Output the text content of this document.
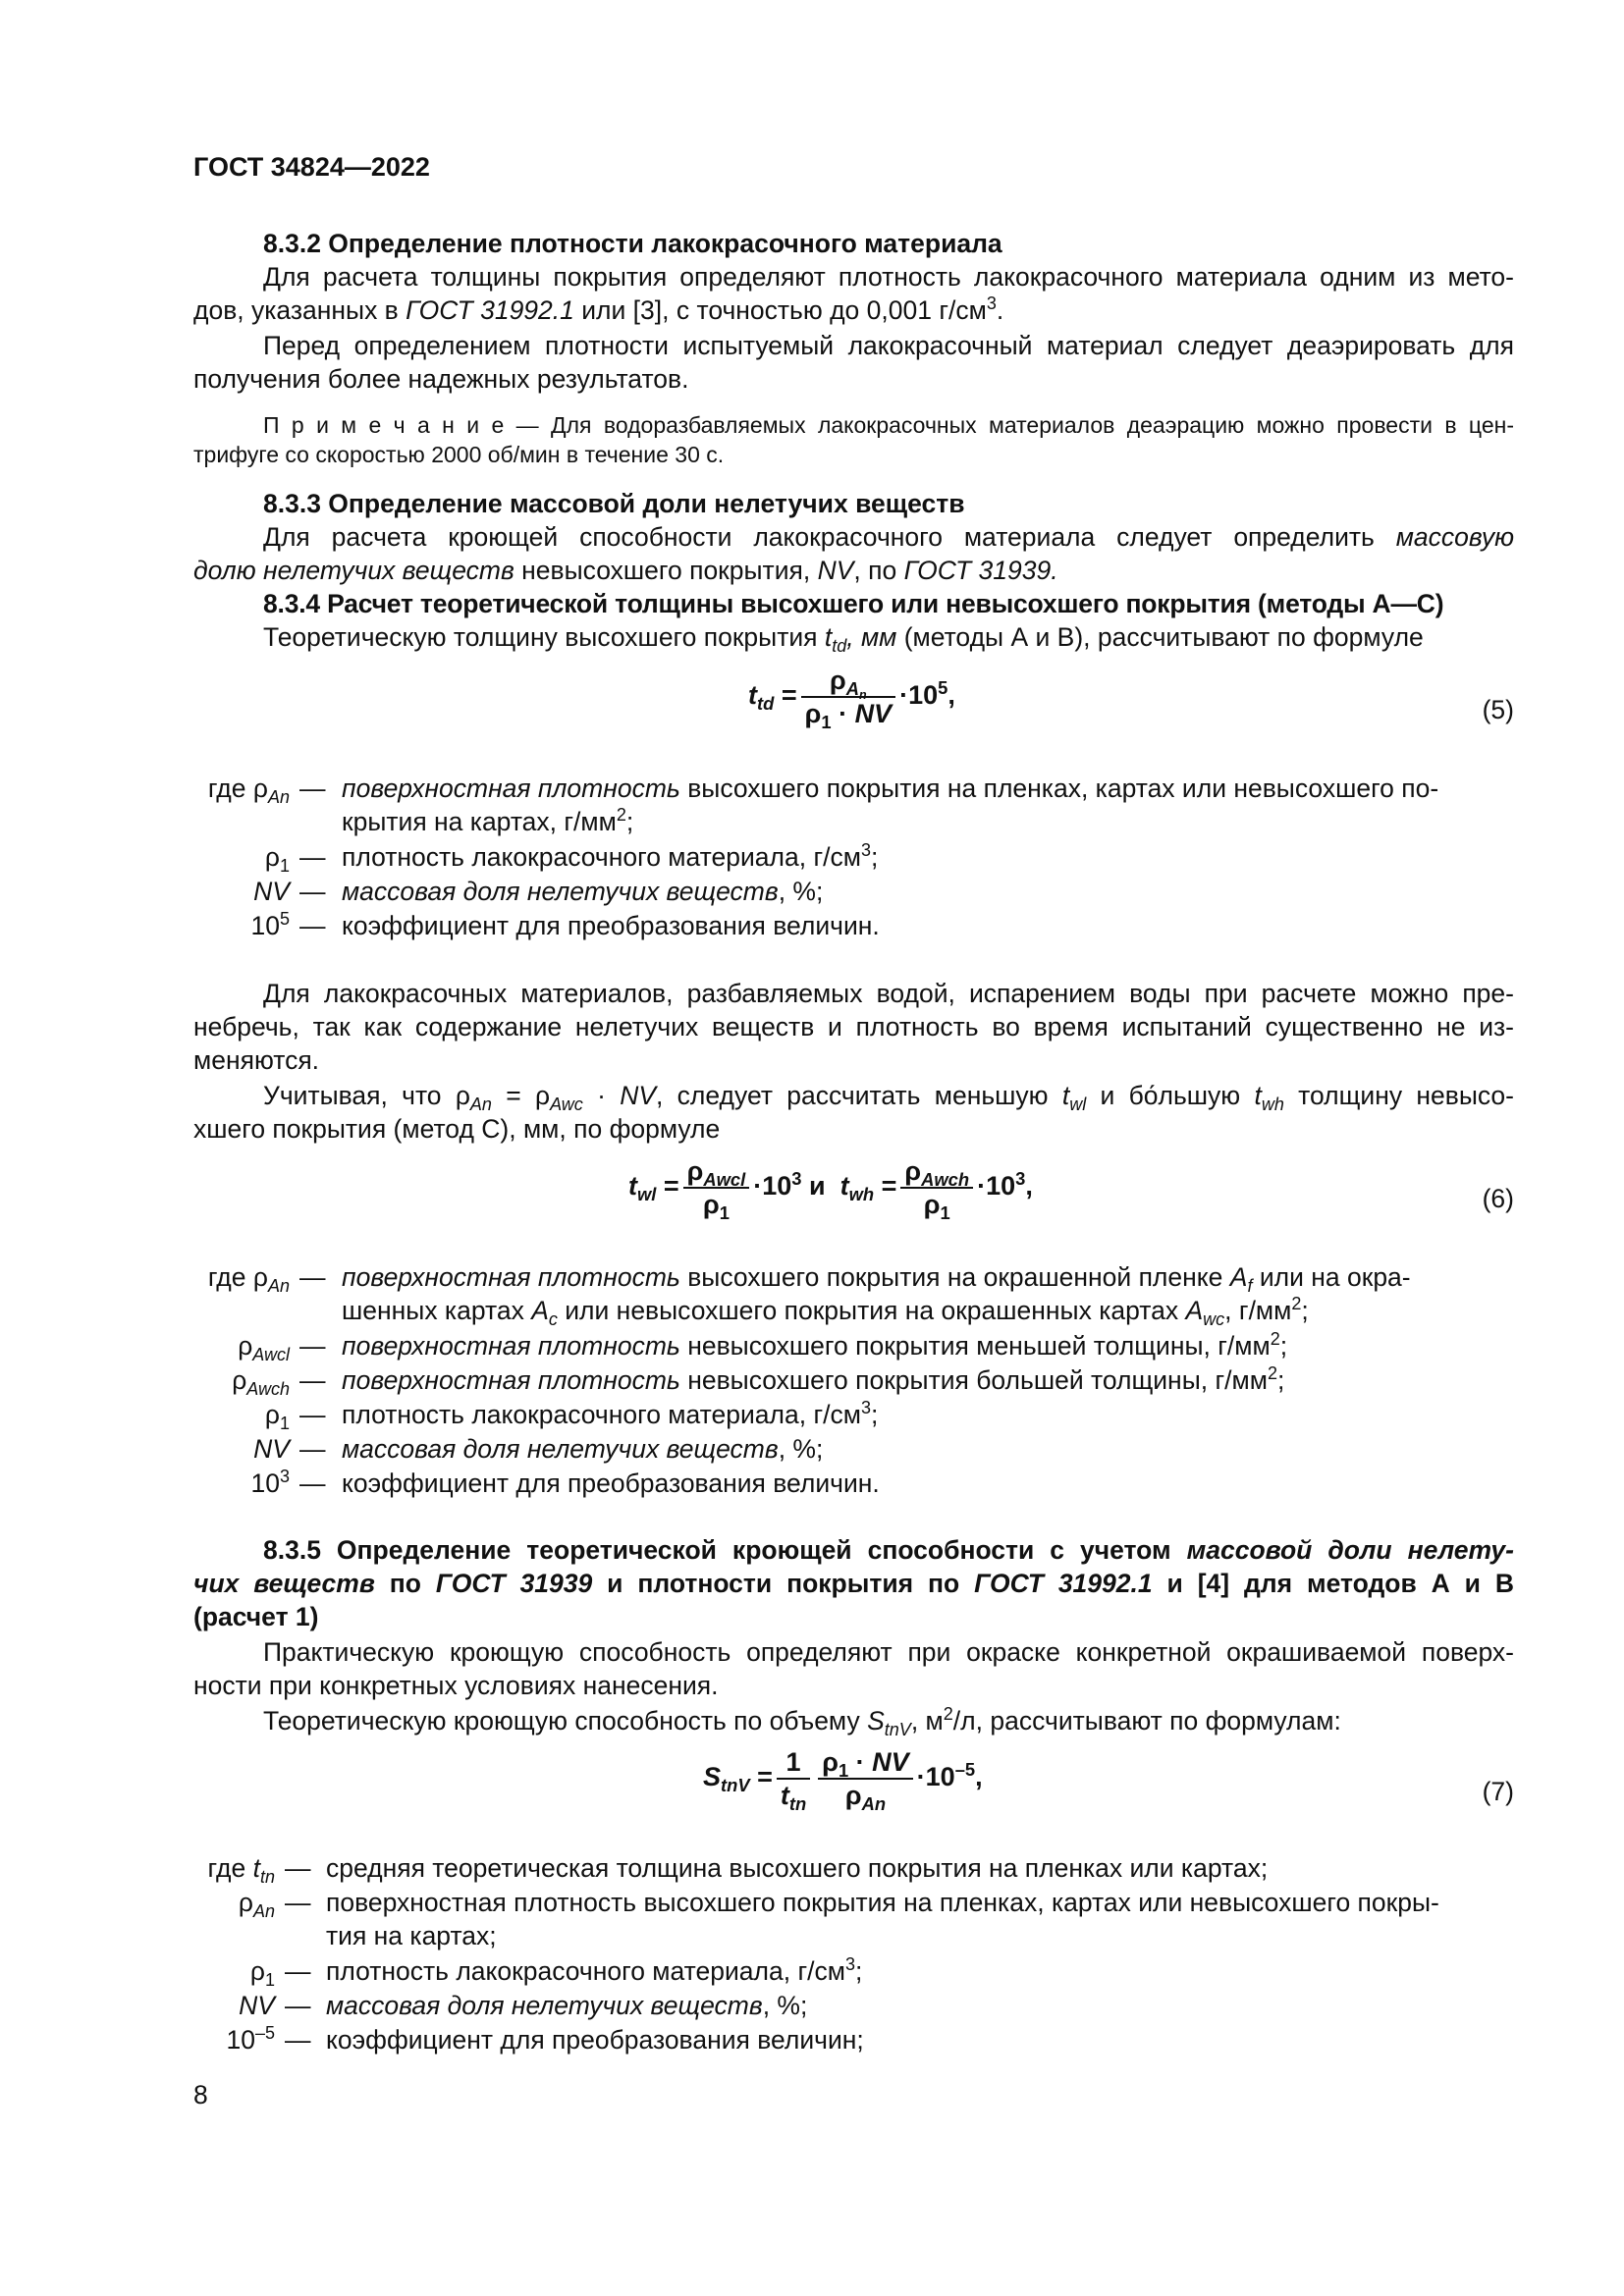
ГОСТ 34824—2022
8.3.2 Определение плотности лакокрасочного материала
Для расчета толщины покрытия определяют плотность лакокрасочного материала одним из мето-
дов, указанных в ГОСТ 31992.1 или [3], с точностью до 0,001 $г/см^3$.
Перед определением плотности испытуемый лакокрасочный материал следует деаэрировать для
получения более надежных результатов.
П р и м е ч а н и е — Для водоразбавляемых лакокрасочных материалов деаэрацию можно провести в цен-
трифуге со скоростью 2000 об/мин в течение 30 с.
8.3.3 Определение массовой доли нелетучих веществ
Для расчета кроющей способности лакокрасочного материала следует определить массовую
долю нелетучих веществ невысохшего покрытия, NV, по ГОСТ 31939.
8.3.4 Расчет теоретической толщины высохшего или невысохшего покрытия (методы А—С)
Теоретическую толщину высохшего покрытия $t_{td}$, мм (методы А и В), рассчитывают по формуле
$t_{td} = \frac{\rho_{A_n}}{\rho_1 \cdot NV} \cdot 10^5$,	(5)
где $\rho_{An}$ — поверхностная плотность высохшего покрытия на пленках, картах или невысохшего по-
крытия на картах, $г/мм^2$;
$\rho_1$ — плотность лакокрасочного материала, $г/см^3$;
NV — массовая доля нелетучих веществ, %;
$10^5$ — коэффициент для преобразования величин.
Для лакокрасочных материалов, разбавляемых водой, испарением воды при расчете можно пре-
небречь, так как содержание нелетучих веществ и плотность во время испытаний существенно не из-
меняются.
Учитывая, что $\rho_{An} = \rho_{Awc}$ · NV, следует рассчитать меньшую $t_{wl}$ и бо́льшую $t_{wh}$ толщину невысо-
хшего покрытия (метод С), мм, по формуле
$t_{wl} = \frac{\rho_{Awcl}}{\rho_1} \cdot 10^3$ и  $t_{wh} = \frac{\rho_{Awch}}{\rho_1} \cdot 10^3$,	(6)
где $\rho_{An}$ — поверхностная плотность высохшего покрытия на окрашенной пленке $A_f$ или на окра-
шенных картах $A_c$ или невысохшего покрытия на окрашенных картах $A_{wc}$, $г/мм^2$;
$\rho_{Awcl}$ — поверхностная плотность невысохшего покрытия меньшей толщины, $г/мм^2$;
$\rho_{Awch}$ — поверхностная плотность невысохшего покрытия большей толщины, $г/мм^2$;
$\rho_1$ — плотность лакокрасочного материала, $г/см^3$;
NV — массовая доля нелетучих веществ, %;
$10^3$ — коэффициент для преобразования величин.
8.3.5 Определение теоретической кроющей способности с учетом массовой доли нелету-
чих веществ по ГОСТ 31939 и плотности покрытия по ГОСТ 31992.1 и [4] для методов А и В
(расчет 1)
Практическую кроющую способность определяют при окраске конкретной окрашиваемой поверх-
ности при конкретных условиях нанесения.
Теоретическую кроющую способность по объему $S_{tnV}$, $м^2/л$, рассчитывают по формулам:
$S_{tnV} = \frac{1}{t_{tn}} \frac{\rho_1 \cdot NV}{\rho_{An}} \cdot 10^{-5}$,	(7)
где $t_{tn}$ — средняя теоретическая толщина высохшего покрытия на пленках или картах;
$\rho_{An}$ — поверхностная плотность высохшего покрытия на пленках, картах или невысохшего покры-
тия на картах;
$\rho_1$ — плотность лакокрасочного материала, $г/см^3$;
NV — массовая доля нелетучих веществ, %;
$10^{-5}$ — коэффициент для преобразования величин;
8
